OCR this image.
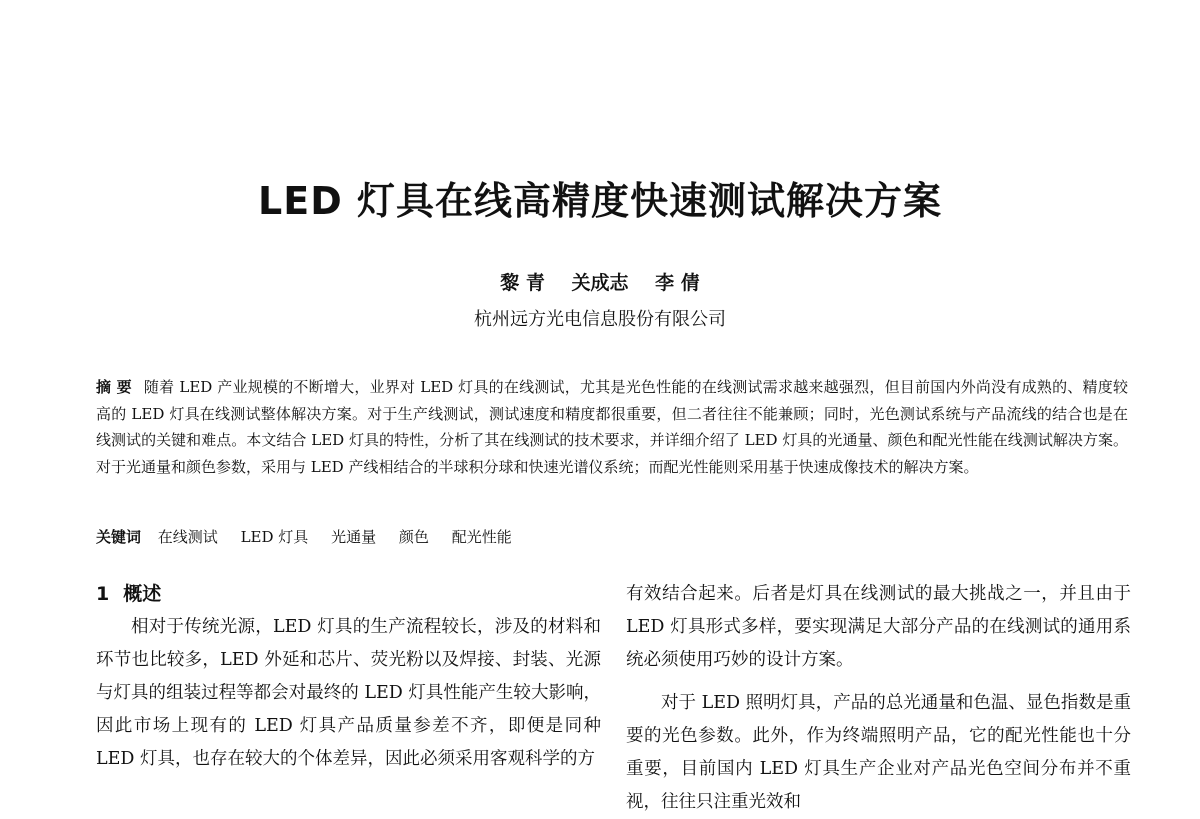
LED 灯具在线高精度快速测试解决方案
黎 青 关成志 李 倩
杭州远方光电信息股份有限公司

摘 要 随着 LED 产业规模的不断增大，业界对 LED 灯具的在线测试，尤其是光色性能的在线测试需求越来越强烈，但目前国内外尚没有成熟的、精度较高的 LED 灯具在线测试整体解决方案。对于生产线测试，测试速度和精度都很重要，但二者往往不能兼顾；同时，光色测试系统与产品流线的结合也是在线测试的关键和难点。本文结合 LED 灯具的特性，分析了其在线测试的技术要求，并详细介绍了 LED 灯具的光通量、颜色和配光性能在线测试解决方案。对于光通量和颜色参数，采用与 LED 产线相结合的半球积分球和快速光谱仪系统；而配光性能则采用基于快速成像技术的解决方案。

关键词 在线测试 LED 灯具 光通量 颜色 配光性能
1 概述

相对于传统光源，LED 灯具的生产流程较长，涉及的材料和环节也比较多，LED 外延和芯片、荧光粉以及焊接、封装、光源与灯具的组装过程等都会对最终的 LED 灯具性能产生较大影响，因此市场上现有的 LED 灯具产品质量参差不齐，即便是同种 LED 灯具，也存在较大的个体差异，因此必须采用客观科学的方

有效结合起来。后者是灯具在线测试的最大挑战之一，并且由于 LED 灯具形式多样，要实现满足大部分产品的在线测试的通用系统必须使用巧妙的设计方案。

对于 LED 照明灯具，产品的总光通量和色温、显色指数是重要的光色参数。此外，作为终端照明产品，它的配光性能也十分重要，目前国内 LED 灯具生产企业对产品光色空间分布并不重视，往往只注重光效和
